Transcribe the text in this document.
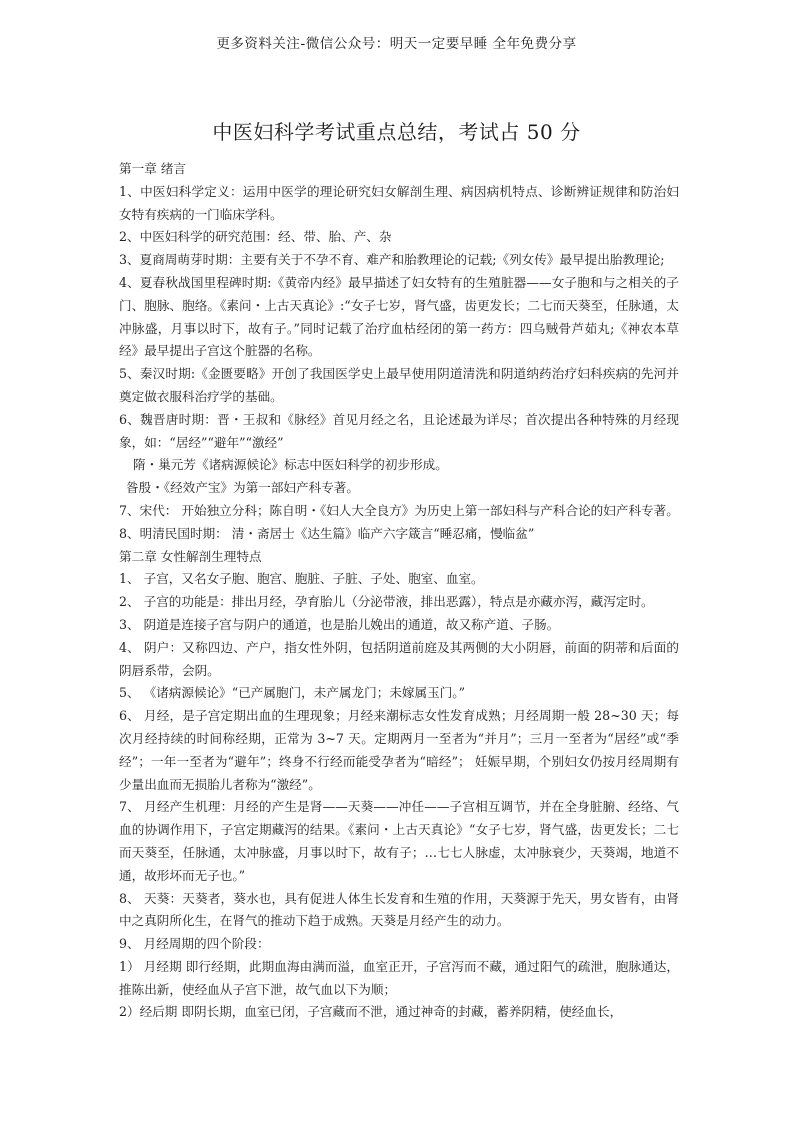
更多资料关注-微信公众号：明天一定要早睡 全年免费分享
中医妇科学考试重点总结，考试占 50 分

第一章 绪言

1、中医妇科学定义：运用中医学的理论研究妇女解剖生理、病因病机特点、诊断辨证规律和防治妇女特有疾病的一门临床学科。

2、中医妇科学的研究范围：经、带、胎、产、杂

3、夏商周萌芽时期：主要有关于不孕不育、难产和胎教理论的记载;《列女传》最早提出胎教理论;

4、夏春秋战国里程碑时期:《黄帝内经》最早描述了妇女特有的生殖脏器——女子胞和与之相关的子门、胞脉、胞络。《素问・上古天真论》:“女子七岁，肾气盛，齿更发长；二七而天葵至，任脉通，太冲脉盛，月事以时下，故有子。”同时记载了治疗血枯经闭的第一药方：四乌贼骨芦茹丸;《神农本草经》最早提出子宫这个脏器的名称。

5、秦汉时期:《金匮要略》开创了我国医学史上最早使用阴道清洗和阴道纳药治疗妇科疾病的先河并奠定做衣服科治疗学的基础。

6、魏晋唐时期：晋・王叔和《脉经》首见月经之名，且论述最为详尽；首次提出各种特殊的月经现象，如：“居经”“避年”“激经”

隋・巢元芳《诸病源候论》标志中医妇科学的初步形成。

昝殷・《经效产宝》为第一部妇产科专著。

7、宋代： 开始独立分科；陈自明・《妇人大全良方》为历史上第一部妇科与产科合论的妇产科专著。

8、明清民国时期： 清・斋居士《达生篇》临产六字箴言“睡忍痛，慢临盆”

第二章 女性解剖生理特点

1、 子宫，又名女子胞、胞宫、胞脏、子脏、子处、胞室、血室。

2、 子宫的功能是：排出月经，孕育胎儿（分泌带液，排出恶露），特点是亦藏亦泻，藏泻定时。

3、 阴道是连接子宫与阴户的通道，也是胎儿娩出的通道，故又称产道、子肠。

4、 阴户：又称四边、产户，指女性外阴，包括阴道前庭及其两侧的大小阴唇，前面的阴蒂和后面的阴唇系带，会阴。

5、 《诸病源候论》“已产属胞门，未产属龙门；未嫁属玉门。”

6、 月经，是子宫定期出血的生理现象；月经来潮标志女性发育成熟；月经周期一般 28~30 天；每次月经持续的时间称经期，正常为 3~7 天。定期两月一至者为“并月”；三月一至者为“居经”或“季经”；一年一至者为“避年”；终身不行经而能受孕者为“暗经”； 妊娠早期，个别妇女仍按月经周期有少量出血而无损胎儿者称为“激经”。

7、 月经产生机理：月经的产生是肾——天葵——冲任——子宫相互调节，并在全身脏腑、经络、气血的协调作用下，子宫定期藏泻的结果。《素问・上古天真论》“女子七岁，肾气盛，齿更发长；二七而天葵至，任脉通，太冲脉盛，月事以时下，故有子；…七七人脉虚，太冲脉衰少，天葵竭，地道不通，故形坏而无子也。”

8、 天葵：天葵者，葵水也，具有促进人体生长发育和生殖的作用，天葵源于先天，男女皆有，由肾中之真阴所化生，在肾气的推动下趋于成熟。天葵是月经产生的动力。

9、 月经周期的四个阶段：

1） 月经期 即行经期，此期血海由满而溢，血室正开，子宫泻而不藏，通过阳气的疏泄，胞脉通达，推陈出新，使经血从子宫下泄，故气血以下为顺；

2）经后期 即阴长期，血室已闭，子宫藏而不泄，通过神奇的封藏，蓄养阴精，使经血长，
